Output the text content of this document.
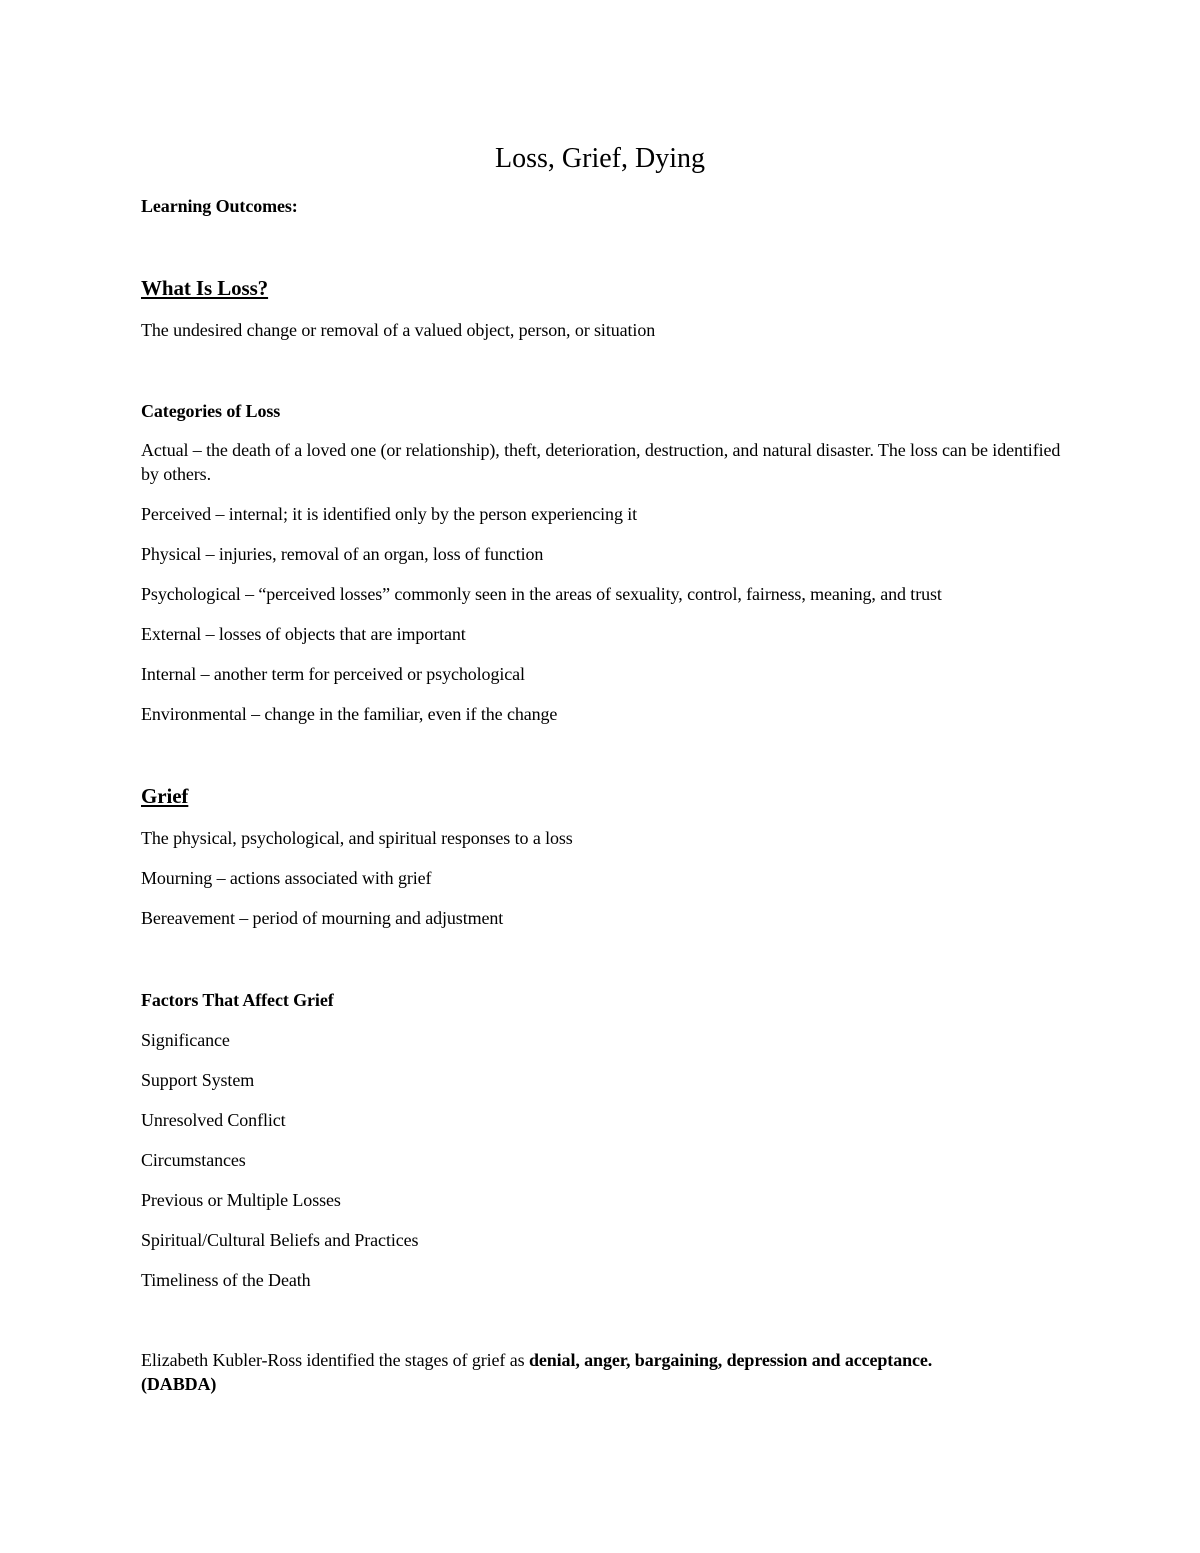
Loss, Grief, Dying
Learning Outcomes:
What Is Loss?
The undesired change or removal of a valued object, person, or situation
Categories of Loss
Actual – the death of a loved one (or relationship), theft, deterioration, destruction, and natural disaster. The loss can be identified by others.
Perceived – internal; it is identified only by the person experiencing it
Physical – injuries, removal of an organ, loss of function
Psychological – “perceived losses” commonly seen in the areas of sexuality, control, fairness, meaning, and trust
External – losses of objects that are important
Internal – another term for perceived or psychological
Environmental – change in the familiar, even if the change
Grief
The physical, psychological, and spiritual responses to a loss
Mourning – actions associated with grief
Bereavement – period of mourning and adjustment
Factors That Affect Grief
Significance
Support System
Unresolved Conflict
Circumstances
Previous or Multiple Losses
Spiritual/Cultural Beliefs and Practices
Timeliness of the Death
Elizabeth Kubler-Ross identified the stages of grief as denial, anger, bargaining, depression and acceptance.
(DABDA)
